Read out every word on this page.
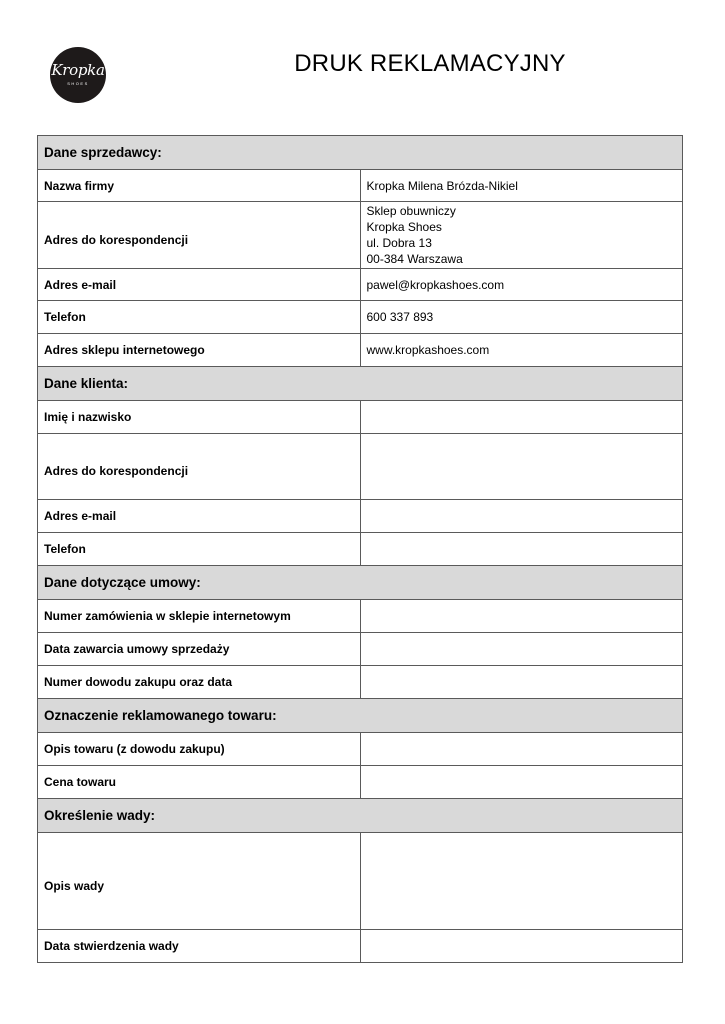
Kropka
SHOES
DRUK REKLAMACYJNY
Dane sprzedawcy:	
Nazwa firmy	Kropka Milena Brózda-Nikiel
Adres do korespondencji	Sklep obuwniczy
Kropka Shoes
ul. Dobra 13
00-384 Warszawa

Adres e-mail	pawel@kropkashoes.com
Telefon	600 337 893
Adres sklepu internetowego	www.kropkashoes.com
Dane klienta:	
Imię i nazwisko	
Adres do korespondencji	
Adres e-mail	
Telefon	
Dane dotyczące umowy:	
Numer zamówienia w sklepie internetowym	
Data zawarcia umowy sprzedaży	
Numer dowodu zakupu oraz data	
Oznaczenie reklamowanego towaru:	
Opis towaru (z dowodu zakupu)	
Cena towaru	
Określenie wady:	
Opis wady	
Data stwierdzenia wady	
